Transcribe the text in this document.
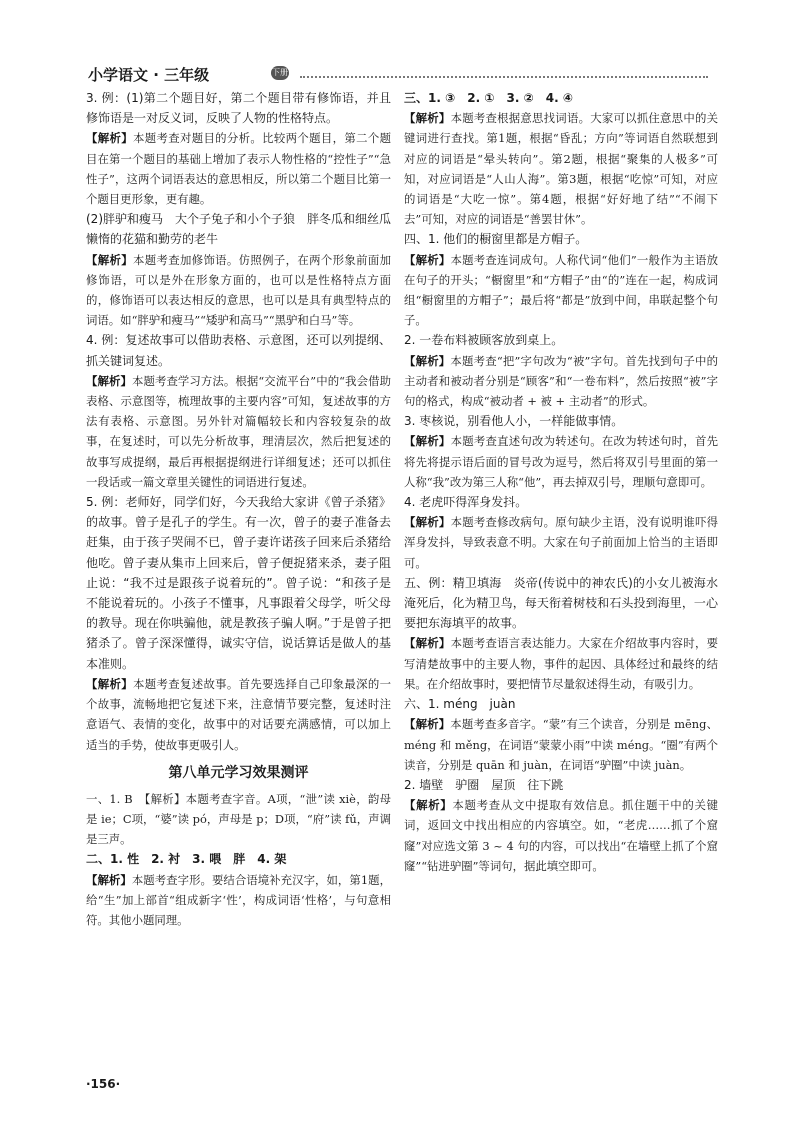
小学语文 · 三年级	下册

3. 例：(1)第二个题目好，第二个题目带有修饰语，并且修饰语是一对反义词，反映了人物的性格特点。

【解析】本题考查对题目的分析。比较两个题目，第二个题目在第一个题目的基础上增加了表示人物性格的“控性子”“急性子”，这两个词语表达的意思相反，所以第二个题目比第一个题目更形象，更有趣。

(2)胖驴和瘦马　大个子兔子和小个子狼　胖冬瓜和细丝瓜　懒惰的花猫和勤劳的老牛

【解析】本题考查加修饰语。仿照例子，在两个形象前面加修饰语，可以是外在形象方面的，也可以是性格特点方面的，修饰语可以表达相反的意思，也可以是具有典型特点的词语。如“胖驴和瘦马”“矮驴和高马”“黑驴和白马”等。

4. 例：复述故事可以借助表格、示意图，还可以列提纲、抓关键词复述。

【解析】本题考查学习方法。根据“交流平台”中的“我会借助表格、示意图等，梳理故事的主要内容”可知，复述故事的方法有表格、示意图。另外针对篇幅较长和内容较复杂的故事，在复述时，可以先分析故事，理清层次，然后把复述的故事写成提纲，最后再根据提纲进行详细复述；还可以抓住一段话或一篇文章里关键性的词语进行复述。

5. 例：老师好，同学们好，今天我给大家讲《曾子杀猪》的故事。曾子是孔子的学生。有一次，曾子的妻子准备去赶集，由于孩子哭闹不已，曾子妻许诺孩子回来后杀猪给他吃。曾子妻从集市上回来后，曾子便捉猪来杀，妻子阻止说：“我不过是跟孩子说着玩的”。曾子说：“和孩子是不能说着玩的。小孩子不懂事，凡事跟着父母学，听父母的教导。现在你哄骗他，就是教孩子骗人啊。”于是曾子把猪杀了。曾子深深懂得，诚实守信，说话算话是做人的基本准则。

【解析】本题考查复述故事。首先要选择自己印象最深的一个故事，流畅地把它复述下来，注意情节要完整，复述时注意语气、表情的变化，故事中的对话要充满感情，可以加上适当的手势，使故事更吸引人。

第八单元学习效果测评

一、1. B　【解析】本题考查字音。A项，“泄”读 xiè，韵母是 ie；C项，“婆”读 pó，声母是 p；D项，“府”读 fǔ，声调是三声。

二、1. 性　2. 衬　3. 喂　胖　4. 架

【解析】本题考查字形。要结合语境补充汉字，如，第1题，给“生”加上部首“组成新字‘性’，构成词语‘性格’，与句意相符。其他小题同理。

三、1. ③　2. ①　3. ②　4. ④

【解析】本题考查根据意思找词语。大家可以抓住意思中的关键词进行查找。第1题，根据“昏乱；方向”等词语自然联想到对应的词语是“晕头转向”。第2题，根据“聚集的人极多”可知，对应词语是“人山人海”。第3题，根据“吃惊”可知，对应的词语是“大吃一惊”。第4题，根据“好好地了结”“不闹下去”可知，对应的词语是“善罢甘休”。

四、1. 他们的橱窗里都是方帽子。

【解析】本题考查连词成句。人称代词“他们”一般作为主语放在句子的开头；“橱窗里”和“方帽子”由“的”连在一起，构成词组“橱窗里的方帽子”；最后将“都是”放到中间，串联起整个句子。

2. 一卷布料被顾客放到桌上。

【解析】本题考查“把”字句改为“被”字句。首先找到句子中的主动者和被动者分别是“顾客”和“一卷布料”，然后按照“被”字句的格式，构成“被动者 + 被 + 主动者”的形式。

3. 枣核说，别看他人小，一样能做事情。

【解析】本题考查直述句改为转述句。在改为转述句时，首先将先将提示语后面的冒号改为逗号，然后将双引号里面的第一人称“我”改为第三人称“他”，再去掉双引号，理顺句意即可。

4. 老虎吓得浑身发抖。

【解析】本题考查修改病句。原句缺少主语，没有说明谁吓得浑身发抖，导致表意不明。大家在句子前面加上恰当的主语即可。

五、例：精卫填海　炎帝(传说中的神农氏)的小女儿被海水淹死后，化为精卫鸟，每天衔着树枝和石头投到海里，一心要把东海填平的故事。

【解析】本题考查语言表达能力。大家在介绍故事内容时，要写清楚故事中的主要人物，事件的起因、具体经过和最终的结果。在介绍故事时，要把情节尽量叙述得生动，有吸引力。

六、1. méng　juàn

【解析】本题考查多音字。“蒙”有三个读音，分别是 mēng、méng 和 měng，在词语“蒙蒙小雨”中读 méng。“圈”有两个读音，分别是 quān 和 juàn，在词语“驴圈”中读 juàn。

2. 墙壁　驴圈　屋顶　往下跳

【解析】本题考查从文中提取有效信息。抓住题干中的关键词，返回文中找出相应的内容填空。如，“老虎……抓了个窟窿”对应选文第 3 ~ 4 句的内容，可以找出“在墙壁上抓了个窟窿”“钻进驴圈”等词句，据此填空即可。

·156·
